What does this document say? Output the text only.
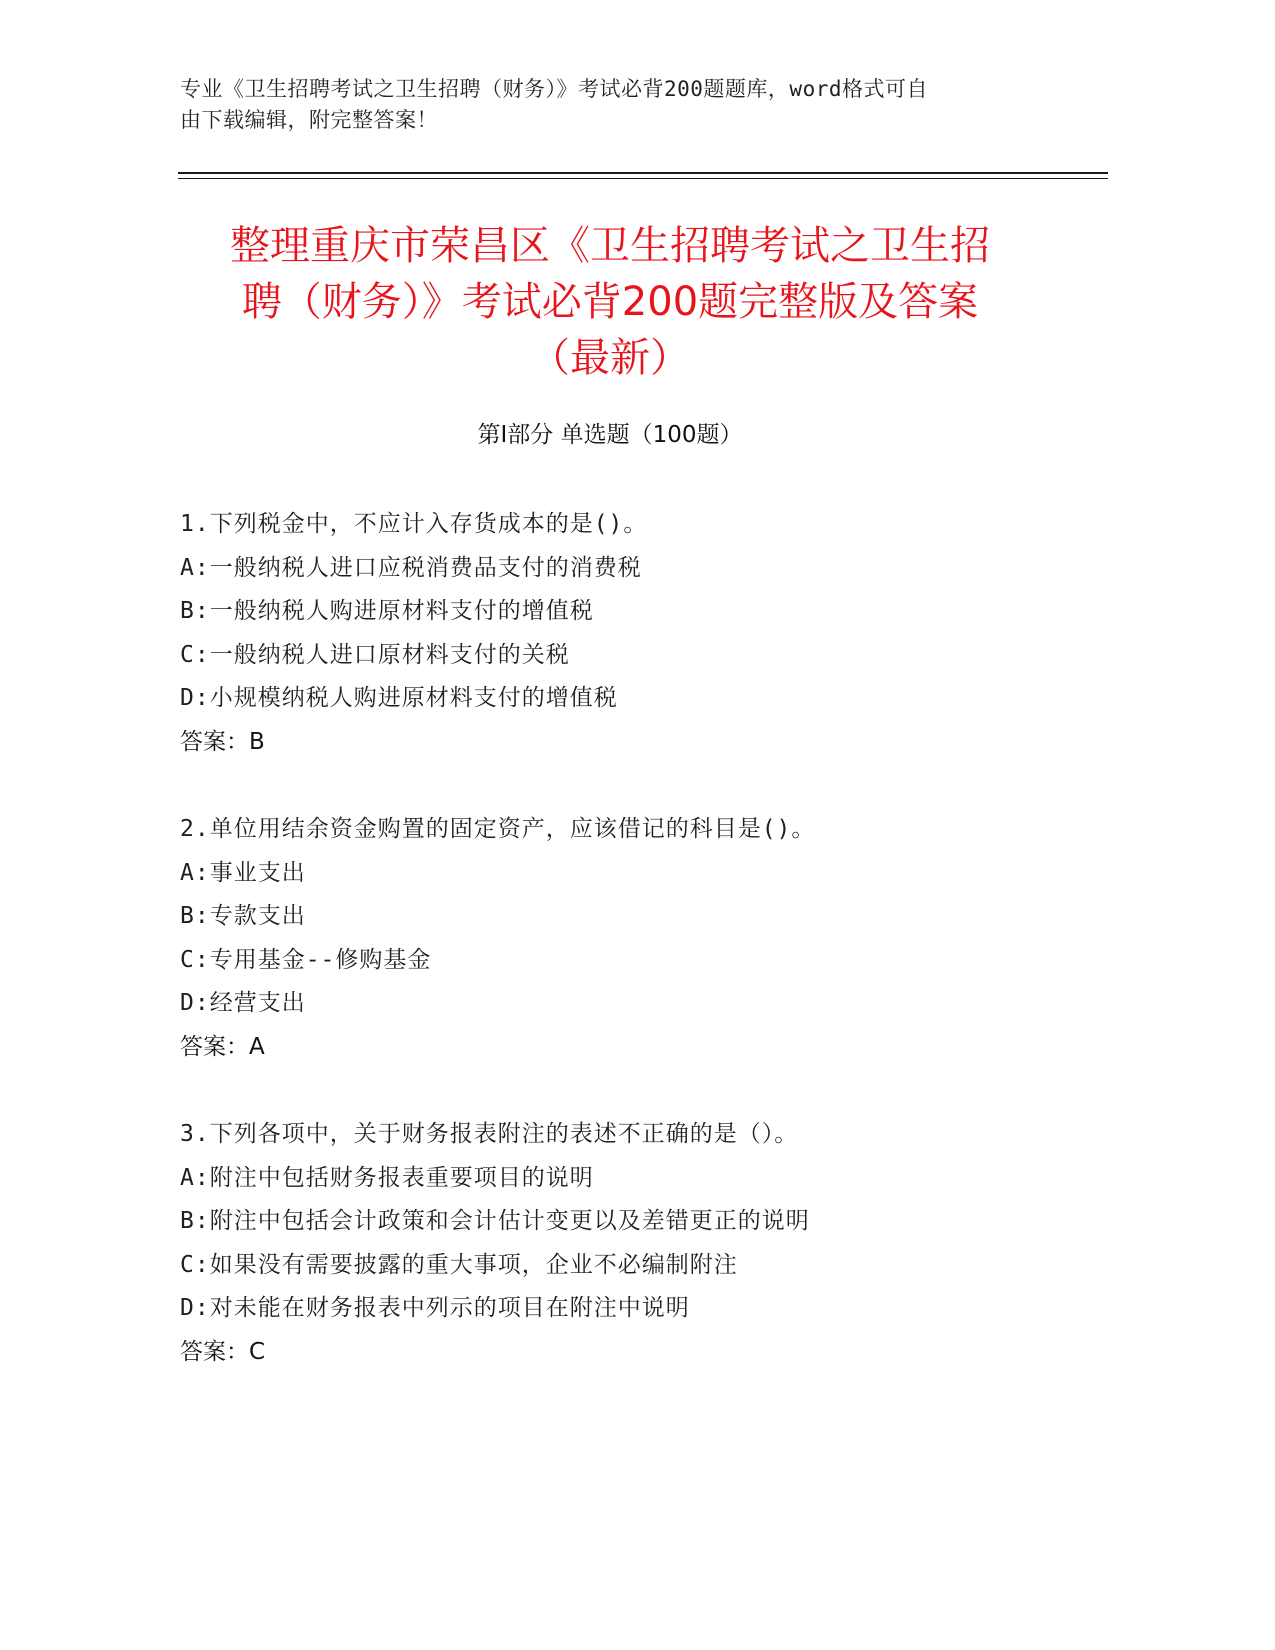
专业《卫生招聘考试之卫生招聘（财务）》考试必背200题题库，word格式可自
由下载编辑，附完整答案！
整理重庆市荣昌区《卫生招聘考试之卫生招
聘（财务）》考试必背200题完整版及答案
（最新）
第Ⅰ部分 单选题（100题）
1.下列税金中，不应计入存货成本的是()。
A:一般纳税人进口应税消费品支付的消费税
B:一般纳税人购进原材料支付的增值税
C:一般纳税人进口原材料支付的关税
D:小规模纳税人购进原材料支付的增值税
答案：B
2.单位用结余资金购置的固定资产，应该借记的科目是()。
A:事业支出
B:专款支出
C:专用基金--修购基金
D:经营支出
答案：A
3.下列各项中，关于财务报表附注的表述不正确的是（）。
A:附注中包括财务报表重要项目的说明
B:附注中包括会计政策和会计估计变更以及差错更正的说明
C:如果没有需要披露的重大事项，企业不必编制附注
D:对未能在财务报表中列示的项目在附注中说明
答案：C
